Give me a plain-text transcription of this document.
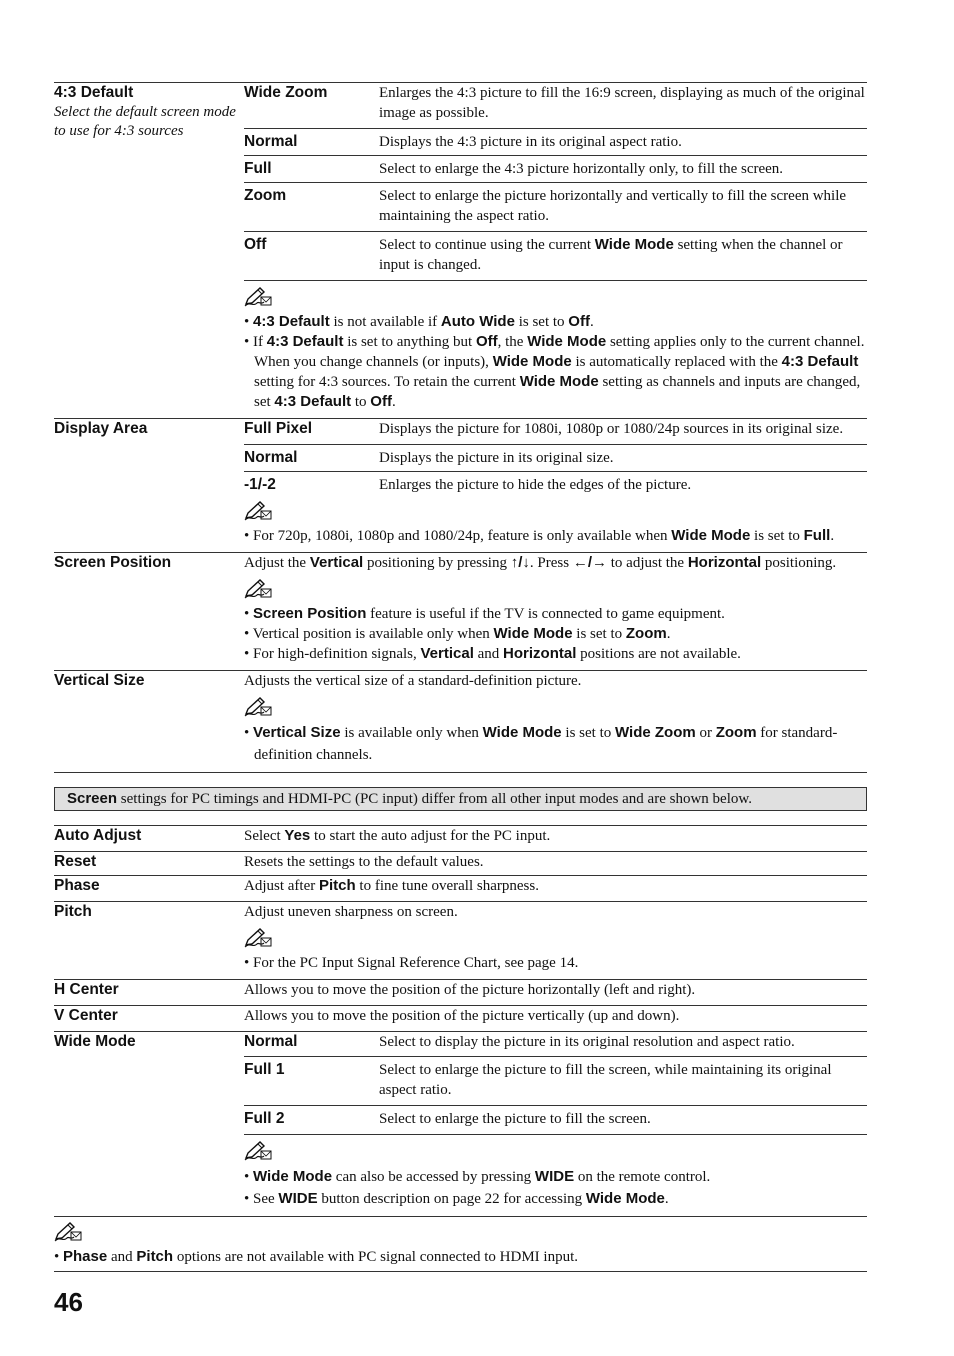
4:3 Default
Select the default screen mode to use for 4:3 sources
Wide Zoom	Enlarges the 4:3 picture to fill the 16:9 screen, displaying as much of the original image as possible.
Normal	Displays the 4:3 picture in its original aspect ratio.
Full	Select to enlarge the 4:3 picture horizontally only, to fill the screen.
Zoom	Select to enlarge the picture horizontally and vertically to fill the screen while maintaining the aspect ratio.
Off	Select to continue using the current Wide Mode setting when the channel or input is changed.
• 4:3 Default is not available if Auto Wide is set to Off.
• If 4:3 Default is set to anything but Off, the Wide Mode setting applies only to the current channel. When you change channels (or inputs), Wide Mode is automatically replaced with the 4:3 Default setting for 4:3 sources. To retain the current Wide Mode setting as channels and inputs are changed, set 4:3 Default to Off.
Display Area	Full Pixel	Displays the picture for 1080i, 1080p or 1080/24p sources in its original size.
Normal	Displays the picture in its original size.
-1/-2	Enlarges the picture to hide the edges of the picture.
• For 720p, 1080i, 1080p and 1080/24p, feature is only available when Wide Mode is set to Full.
Screen Position	Adjust the Vertical positioning by pressing ↑/↓. Press ←/→ to adjust the Horizontal positioning.
• Screen Position feature is useful if the TV is connected to game equipment.
• Vertical position is available only when Wide Mode is set to Zoom.
• For high-definition signals, Vertical and Horizontal positions are not available.
Vertical Size	Adjusts the vertical size of a standard-definition picture.
• Vertical Size is available only when Wide Mode is set to Wide Zoom or Zoom for standard-definition channels.
Screen settings for PC timings and HDMI-PC (PC input) differ from all other input modes and are shown below.
Auto Adjust	Select Yes to start the auto adjust for the PC input.
Reset	Resets the settings to the default values.
Phase	Adjust after Pitch to fine tune overall sharpness.
Pitch	Adjust uneven sharpness on screen.
• For the PC Input Signal Reference Chart, see page 14.
H Center	Allows you to move the position of the picture horizontally (left and right).
V Center	Allows you to move the position of the picture vertically (up and down).
Wide Mode	Normal	Select to display the picture in its original resolution and aspect ratio.
Full 1	Select to enlarge the picture to fill the screen, while maintaining its original aspect ratio.
Full 2	Select to enlarge the picture to fill the screen.
• Wide Mode can also be accessed by pressing WIDE on the remote control.
• See WIDE button description on page 22 for accessing Wide Mode.
• Phase and Pitch options are not available with PC signal connected to HDMI input.
46
